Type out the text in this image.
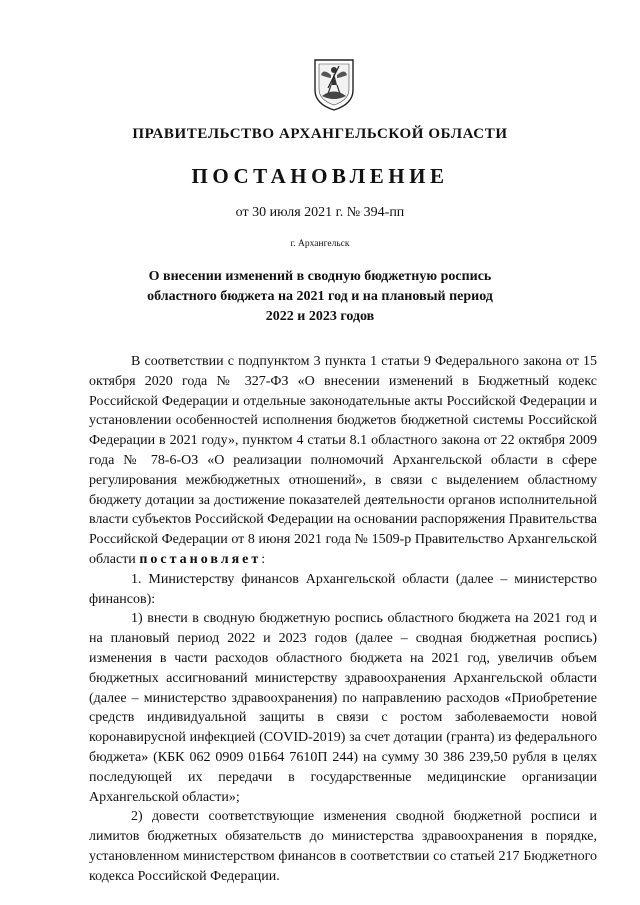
ПРАВИТЕЛЬСТВО АРХАНГЕЛЬСКОЙ ОБЛАСТИ
ПОСТАНОВЛЕНИЕ
от 30 июля 2021 г. № 394-пп
г. Архангельск
О внесении изменений в сводную бюджетную роспись
областного бюджета на 2021 год и на плановый период
2022 и 2023 годов

В соответствии с подпунктом 3 пункта 1 статьи 9 Федерального закона от 15 октября 2020 года № 327-ФЗ «О внесении изменений в Бюджетный кодекс Российской Федерации и отдельные законодательные акты Российской Федерации и установлении особенностей исполнения бюджетов бюджетной системы Российской Федерации в 2021 году», пунктом 4 статьи 8.1 областного закона от 22 октября 2009 года № 78-6-ОЗ «О реализации полномочий Архангельской области в сфере регулирования межбюджетных отношений», в связи с выделением областному бюджету дотации за достижение показателей деятельности органов исполнительной власти субъектов Российской Федерации на основании распоряжения Правительства Российской Федерации от 8 июня 2021 года № 1509-р Правительство Архангельской области постановляет:

1. Министерству финансов Архангельской области (далее – министерство финансов):

1) внести в сводную бюджетную роспись областного бюджета на 2021 год и на плановый период 2022 и 2023 годов (далее – сводная бюджетная роспись) изменения в части расходов областного бюджета на 2021 год, увеличив объем бюджетных ассигнований министерству здравоохранения Архангельской области (далее – министерство здравоохранения) по направлению расходов «Приобретение средств индивидуальной защиты в связи с ростом заболеваемости новой коронавирусной инфекцией (COVID-2019) за счет дотации (гранта) из федерального бюджета» (КБК 062 0909 01Б64 7610П 244) на сумму 30 386 239,50 рубля в целях последующей их передачи в государственные медицинские организации Архангельской области»;

2) довести соответствующие изменения сводной бюджетной росписи и лимитов бюджетных обязательств до министерства здравоохранения в порядке, установленном министерством финансов в соответствии со статьей 217 Бюджетного кодекса Российской Федерации.
